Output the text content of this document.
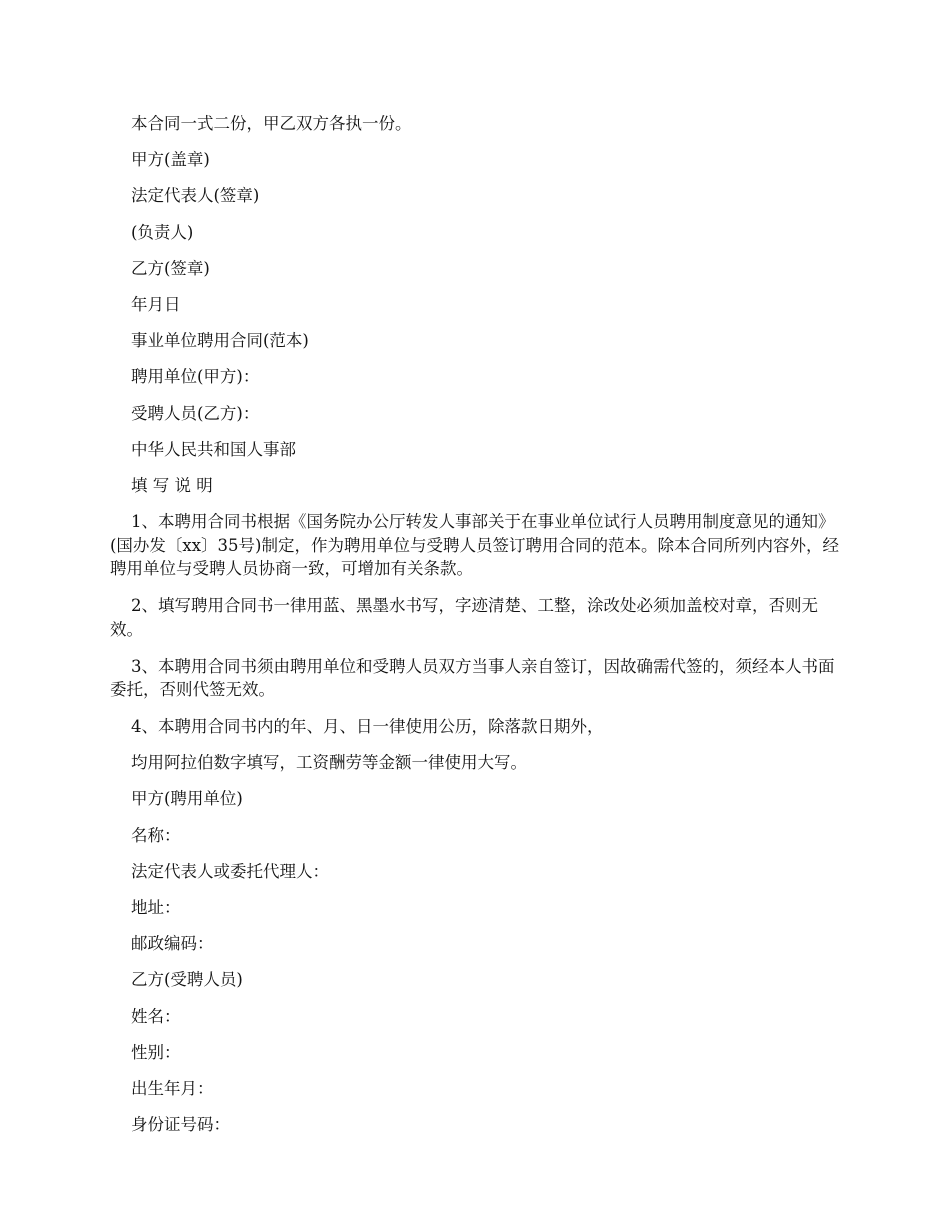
本合同一式二份，甲乙双方各执一份。

甲方(盖章)

法定代表人(签章)

(负责人)

乙方(签章)

年月日

事业单位聘用合同(范本)

聘用单位(甲方)：

受聘人员(乙方)：

中华人民共和国人事部

填 写 说 明

1、本聘用合同书根据《国务院办公厅转发人事部关于在事业单位试行人员聘用制度意见的通知》(国办发〔xx〕35号)制定，作为聘用单位与受聘人员签订聘用合同的范本。除本合同所列内容外，经聘用单位与受聘人员协商一致，可增加有关条款。

2、填写聘用合同书一律用蓝、黑墨水书写，字迹清楚、工整，涂改处必须加盖校对章，否则无效。

3、本聘用合同书须由聘用单位和受聘人员双方当事人亲自签订，因故确需代签的，须经本人书面委托，否则代签无效。

4、本聘用合同书内的年、月、日一律使用公历，除落款日期外，

均用阿拉伯数字填写，工资酬劳等金额一律使用大写。

甲方(聘用单位)

名称：

法定代表人或委托代理人：

地址：

邮政编码：

乙方(受聘人员)

姓名：

性别：

出生年月：

身份证号码：
